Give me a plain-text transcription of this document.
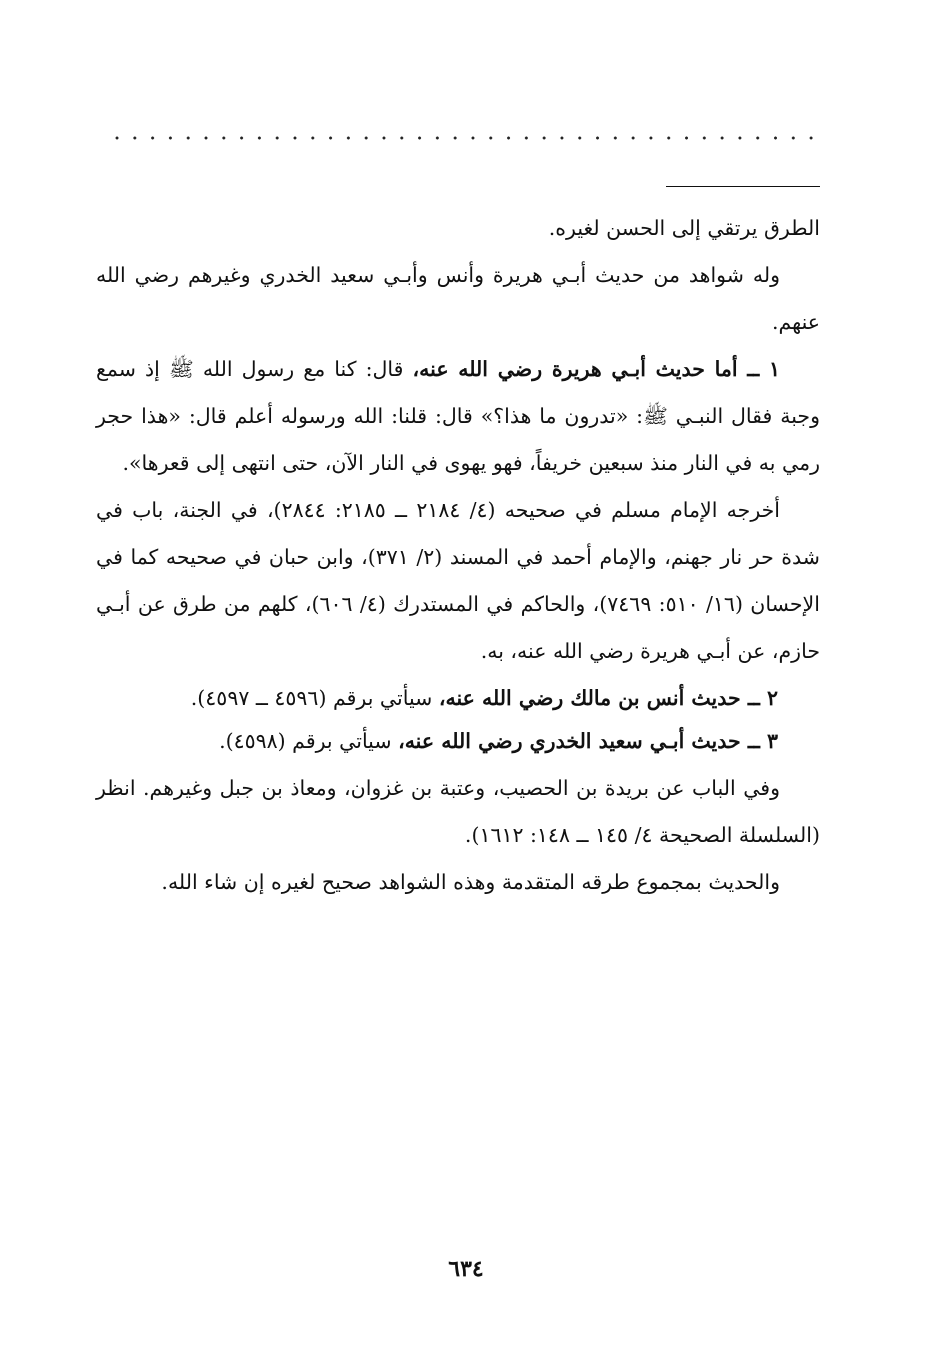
الطرق يرتقي إلى الحسن لغيره.

وله شواهد من حديث أبـي هريرة وأنس وأبـي سعيد الخدري وغيرهم رضي الله عنهم.

١ ــ أما حديث أبـي هريرة رضي الله عنه، قال: كنا مع رسول الله ﷺ إذ سمع وجبة فقال النبـي ﷺ: «تدرون ما هذا؟» قال: قلنا: الله ورسوله أعلم قال: «هذا حجر رمي به في النار منذ سبعين خريفاً، فهو يهوى في النار الآن، حتى انتهى إلى قعرها».

أخرجه الإمام مسلم في صحيحه (٤/ ٢١٨٤ ــ ٢١٨٥: ٢٨٤٤)، في الجنة، باب في شدة حر نار جهنم، والإمام أحمد في المسند (٢/ ٣٧١)، وابن حبان في صحيحه كما في الإحسان (١٦/ ٥١٠: ٧٤٦٩)، والحاكم في المستدرك (٤/ ٦٠٦)، كلهم من طرق عن أبـي حازم، عن أبـي هريرة رضي الله عنه، به.

٢ ــ حديث أنس بن مالك رضي الله عنه، سيأتي برقم (٤٥٩٦ ــ ٤٥٩٧).

٣ ــ حديث أبـي سعيد الخدري رضي الله عنه، سيأتي برقم (٤٥٩٨).

وفي الباب عن بريدة بن الحصيب، وعتبة بن غزوان، ومعاذ بن جبل وغيرهم. انظر (السلسلة الصحيحة ٤/ ١٤٥ ــ ١٤٨: ١٦١٢).

والحديث بمجموع طرقه المتقدمة وهذه الشواهد صحيح لغيره إن شاء الله.

٦٣٤
